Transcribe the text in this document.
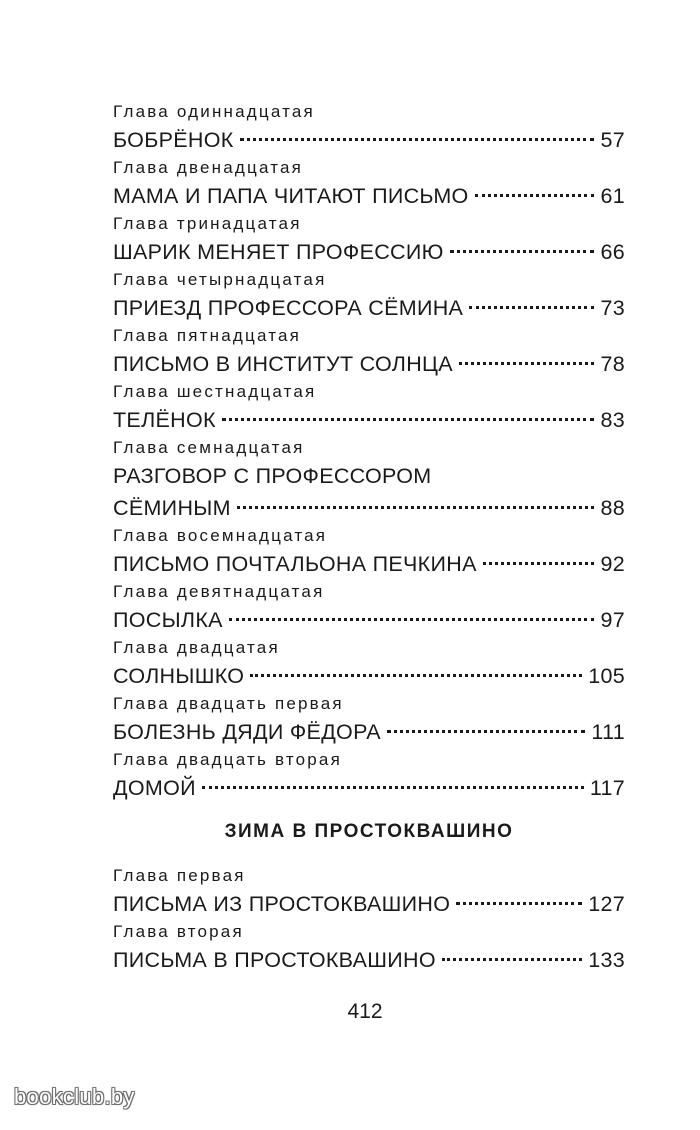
Глава одиннадцатая
БОБРЁНОК	57
Глава двенадцатая
МАМА И ПАПА ЧИТАЮТ ПИСЬМО	61
Глава тринадцатая
ШАРИК МЕНЯЕТ ПРОФЕССИЮ	66
Глава четырнадцатая
ПРИЕЗД ПРОФЕССОРА СЁМИНА	73
Глава пятнадцатая
ПИСЬМО В ИНСТИТУТ СОЛНЦА	78
Глава шестнадцатая
ТЕЛЁНОК	83
Глава семнадцатая
РАЗГОВОР С ПРОФЕССОРОМ
СЁМИНЫМ	88
Глава восемнадцатая
ПИСЬМО ПОЧТАЛЬОНА ПЕЧКИНА	92
Глава девятнадцатая
ПОСЫЛКА	97
Глава двадцатая
СОЛНЫШКО	105
Глава двадцать первая
БОЛЕЗНЬ ДЯДИ ФЁДОРА	111
Глава двадцать вторая
ДОМОЙ	117
ЗИМА В ПРОСТОКВАШИНО
Глава первая
ПИСЬМА ИЗ ПРОСТОКВАШИНО	127
Глава вторая
ПИСЬМА В ПРОСТОКВАШИНО	133
412
bookclub.by
